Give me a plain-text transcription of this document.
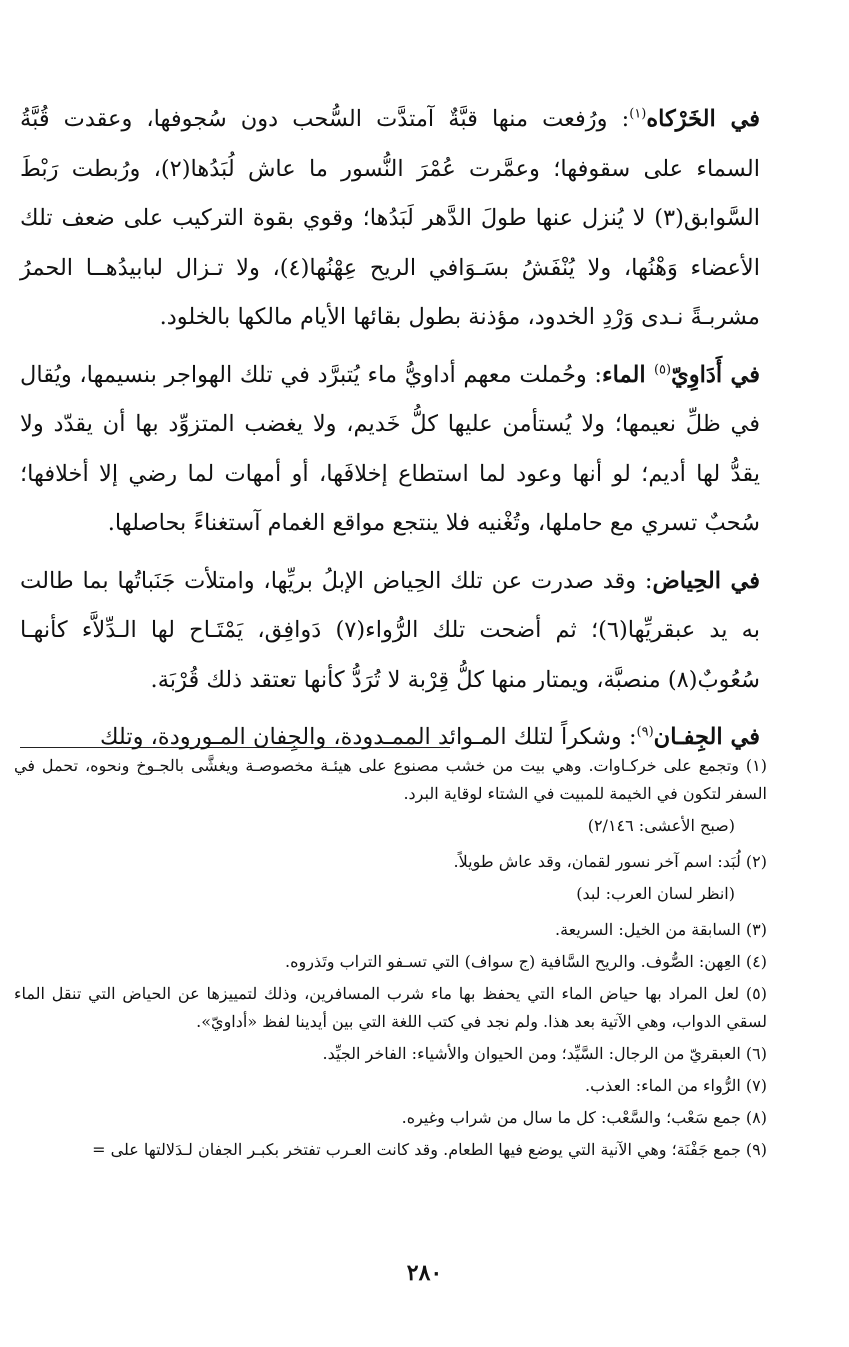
في الخَرْكاه$^{(١)}$: ورُفعت منها قبَّةٌ آمتدَّت السُّحب دون سُجوفها، وعقدت قُبَّةُ السماء على سقوفها؛ وعمَّرت عُمْرَ النُّسور ما عاش لُبَدُها(٢)، ورُبطت رَبْطَ السَّوابق(٣) لا يُنزل عنها طولَ الدَّهر لَبَدُها؛ وقوي بقوة التركيب على ضعف تلك الأعضاء وَهْنُها، ولا يُنْفَشُ بسَـوَافي الريح عِهْنُها(٤)، ولا تـزال لبابيدُهــا الحمرُ مشربـةً نـدى وَرْدِ الخدود، مؤذنة بطول بقائها الأيام مالكها بالخلود.

في أَدَاوِيّ$^{(٥)}$ الماء: وحُملت معهم أداويُّ ماء يُتبرَّد في تلك الهواجر بنسيمها، ويُقال في ظلِّ نعيمها؛ ولا يُستأمن عليها كلُّ خَديم، ولا يغضب المتزوِّد بها أن يقدّد ولا يقدُّ لها أديم؛ لو أنها وعود لما استطاع إخلافَها، أو أمهات لما رضي إلا أخلافها؛ سُحبٌ تسري مع حاملها، وتُغْنيه فلا ينتجع مواقع الغمام آستغناءً بحاصلها.

في الحِياض: وقد صدرت عن تلك الحِياض الإبلُ بريِّها، وامتلأت جَنَباتُها بما طالت به يد عبقريِّها(٦)؛ ثم أضحت تلك الرُّواء(٧) دَوافِق، يَمْتَـاح لها الـدِّلاَّء كأنهـا سُعُوبٌ(٨) منصبَّة، ويمتار منها كلُّ قِرْبة لا تُرَدُّ كأنها تعتقد ذلك قُرْبَة.

في الجِفـان$^{(٩)}$: وشكراً لتلك المـوائد الممـدودة، والجِفان المـورودة، وتلك

(١) وتجمع على خركـاوات. وهي بيت من خشب مصنوع على هيئـة مخصوصـة ويغشَّى بالجـوخ ونحوه، تحمل في السفر لتكون في الخيمة للمبيت في الشتاء لوقاية البرد.
(صبح الأعشى: ٢/١٤٦)
(٢) لُبَد: اسم آخر نسور لقمان، وقد عاش طويلاً.
(انظر لسان العرب: لبد)
(٣) السابقة من الخيل: السريعة.
(٤) العِهن: الصُّوف. والريح السَّافية (ج سواف) التي تسـفو التراب وتَذروه.
(٥) لعل المراد بها حياض الماء التي يحفظ بها ماء شرب المسافرين، وذلك لتمييزها عن الحياض التي تنقل الماء لسقي الدواب، وهي الآتية بعد هذا. ولم نجد في كتب اللغة التي بين أيدينا لفظ «أداويّ».
(٦) العبقريّ من الرجال: السَّيِّد؛ ومن الحيوان والأشياء: الفاخر الجيِّد.
(٧) الرُّواء من الماء: العذب.
(٨) جمع سَعْب؛ والسَّعْب: كل ما سال من شراب وغيره.
(٩) جمع جَفْنَة؛ وهي الآنية التي يوضع فيها الطعام. وقد كانت العـرب تفتخر بكبـر الجفان لـدَلالتها على =
٢٨٠
